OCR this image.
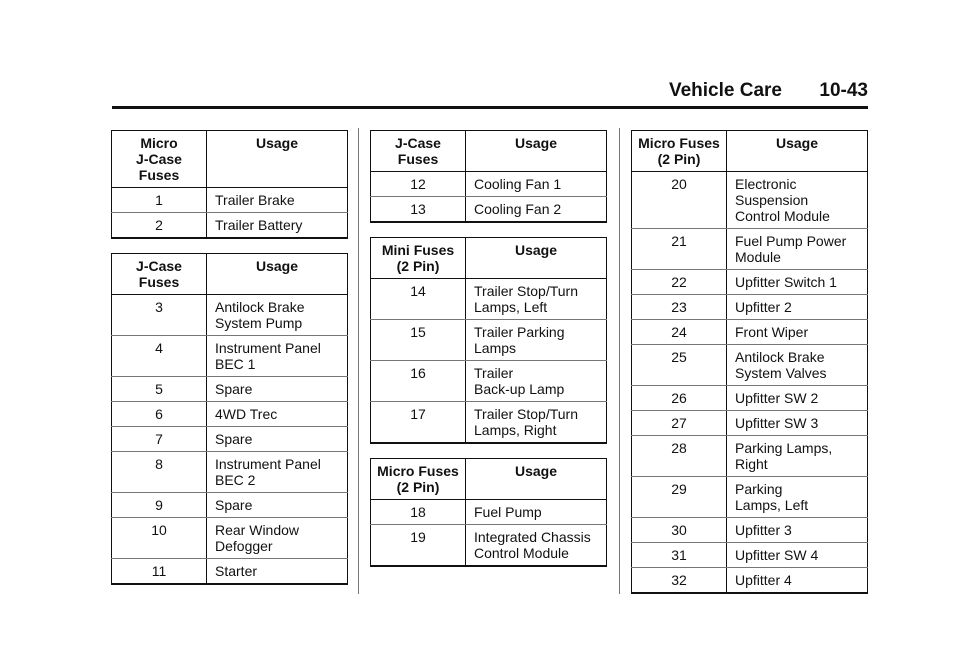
Vehicle Care 10-43
Micro
J-Case
Fuses	Usage
1	Trailer Brake
2	Trailer Battery
J-Case
Fuses	Usage
3	Antilock Brake
System Pump
4	Instrument Panel
BEC 1
5	Spare
6	4WD Trec
7	Spare
8	Instrument Panel
BEC 2
9	Spare
10	Rear Window
Defogger
11	Starter
J-Case
Fuses	Usage
12	Cooling Fan 1
13	Cooling Fan 2
Mini Fuses
(2 Pin)	Usage
14	Trailer Stop/Turn
Lamps, Left
15	Trailer Parking
Lamps
16	Trailer
Back-up Lamp
17	Trailer Stop/Turn
Lamps, Right
Micro Fuses
(2 Pin)	Usage
18	Fuel Pump
19	Integrated Chassis
Control Module
Micro Fuses
(2 Pin)	Usage
20	Electronic
Suspension
Control Module
21	Fuel Pump Power
Module
22	Upfitter Switch 1
23	Upfitter 2
24	Front Wiper
25	Antilock Brake
System Valves
26	Upfitter SW 2
27	Upfitter SW 3
28	Parking Lamps,
Right
29	Parking
Lamps, Left
30	Upfitter 3
31	Upfitter SW 4
32	Upfitter 4
